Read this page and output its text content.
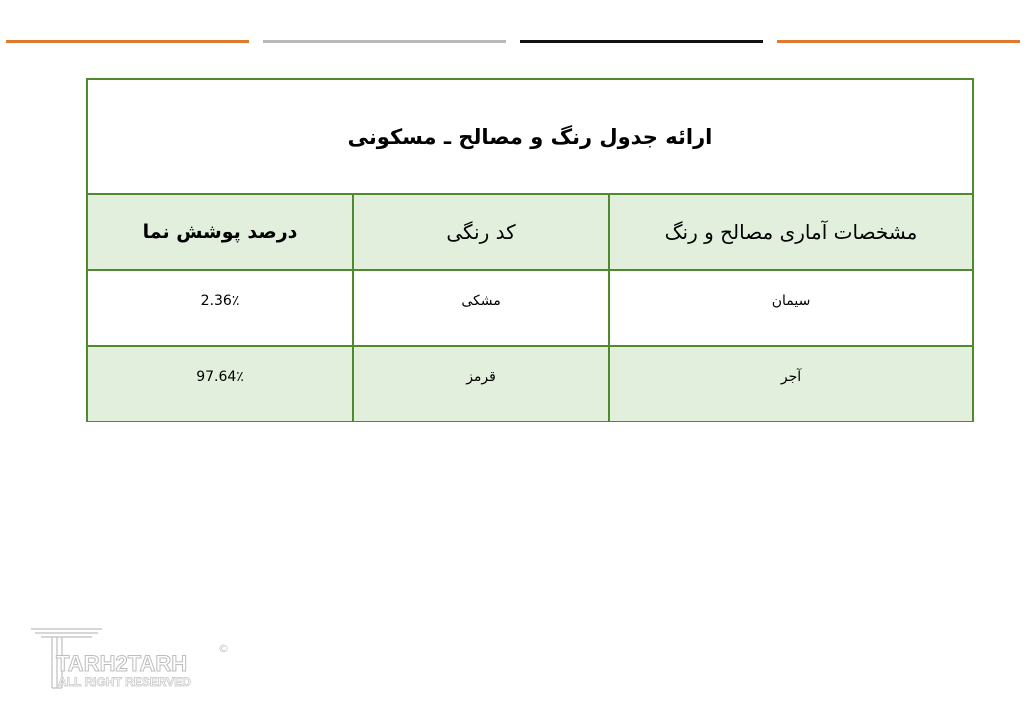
ارائه جدول رنگ و مصالح ـ مسکونی
مشخصات آماری مصالح و رنگ
کد رنگی
درصد پوشش نما
سیمان
مشکی
2.36٪
آجر
قرمز
97.64٪
TARH2TARH
ALL RIGHT RESERVED
©
